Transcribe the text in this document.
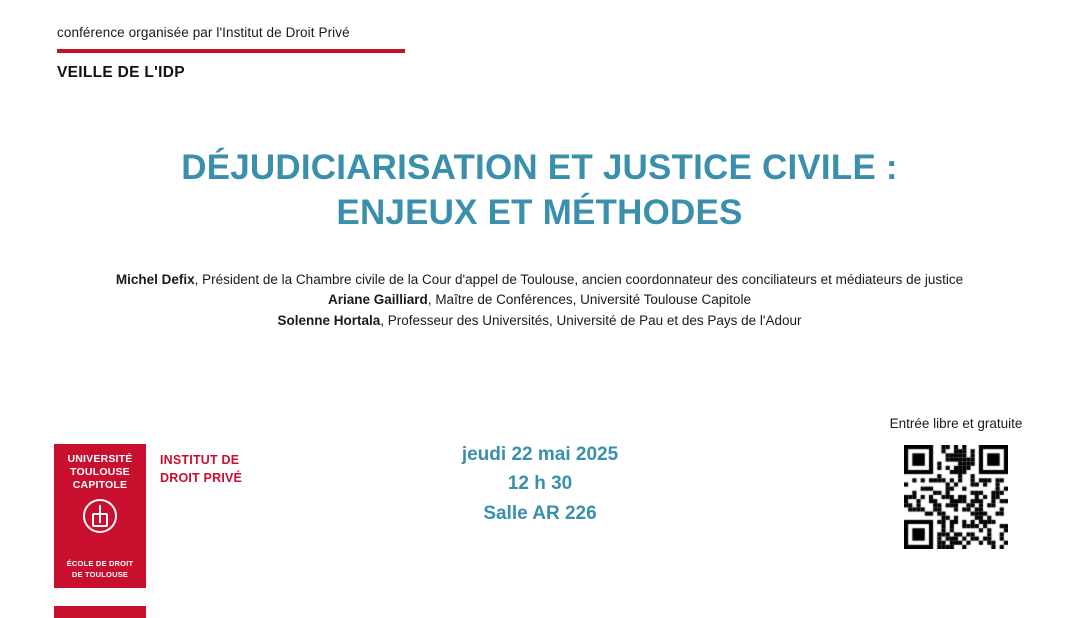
conférence organisée par l'Institut de Droit Privé

VEILLE DE L'IDP

DÉJUDICIARISATION ET JUSTICE CIVILE :
ENJEUX ET MÉTHODES
Michel Defix, Président de la Chambre civile de la Cour d'appel de Toulouse, ancien coordonnateur des conciliateurs et médiateurs de justice
Ariane Gailliard, Maître de Conférences, Université Toulouse Capitole
Solenne Hortala, Professeur des Universités, Université de Pau et des Pays de l'Adour
UNIVERSITÉ
TOULOUSE
CAPITOLE
ÉCOLE DE DROIT
DE TOULOUSE
INSTITUT DE
DROIT PRIVÉ
jeudi 22 mai 2025
12 h 30
Salle AR 226
Entrée libre et gratuite
